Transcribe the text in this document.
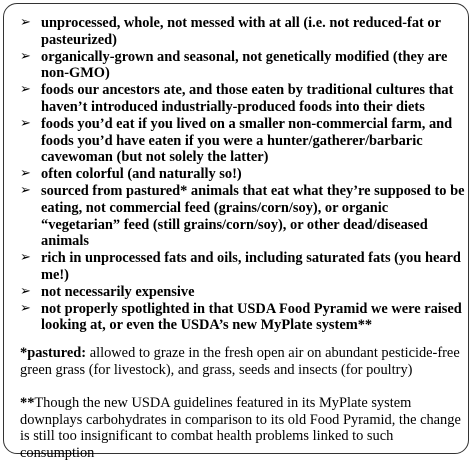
➢ unprocessed, whole, not messed with at all (i.e. not reduced-fat or pasteurized)
➢ organically-grown and seasonal, not genetically modified (they are non-GMO)
➢ foods our ancestors ate, and those eaten by traditional cultures that haven’t introduced industrially-produced foods into their diets
➢ foods you’d eat if you lived on a smaller non-commercial farm, and foods you’d have eaten if you were a hunter/gatherer/barbaric cavewoman (but not solely the latter)
➢ often colorful (and naturally so!)
➢ sourced from pastured* animals that eat what they’re supposed to be eating, not commercial feed (grains/corn/soy), or organic “vegetarian” feed (still grains/corn/soy), or other dead/diseased animals
➢ rich in unprocessed fats and oils, including saturated fats (you heard me!)
➢ not necessarily expensive
➢ not properly spotlighted in that USDA Food Pyramid we were raised looking at, or even the USDA’s new MyPlate system**
*pastured: allowed to graze in the fresh open air on abundant pesticide-free green grass (for livestock), and grass, seeds and insects (for poultry)
**Though the new USDA guidelines featured in its MyPlate system downplays carbohydrates in comparison to its old Food Pyramid, the change is still too insignificant to combat health problems linked to such consumption
